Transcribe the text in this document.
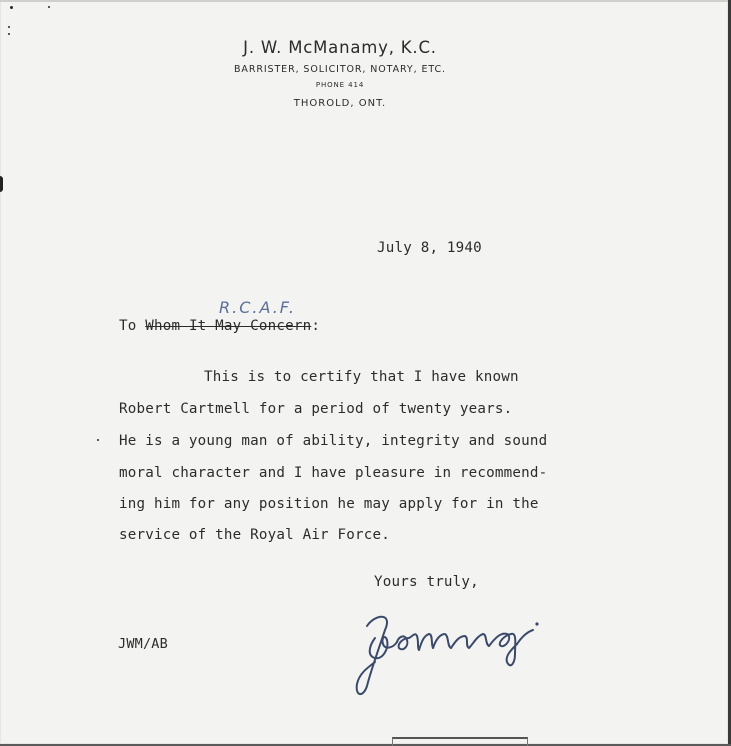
J. W. McManamy, K.C.
BARRISTER, SOLICITOR, NOTARY, ETC.
PHONE 414
THOROLD, ONT.
July 8, 1940
R.C.A.F.
To Whom It May Concern:
This is to certify that I have known
Robert Cartmell for a period of twenty years.
He is a young man of ability, integrity and sound
moral character and I have pleasure in recommend-
ing him for any position he may apply for in the
service of the Royal Air Force.
Yours truly,
JWM/AB
